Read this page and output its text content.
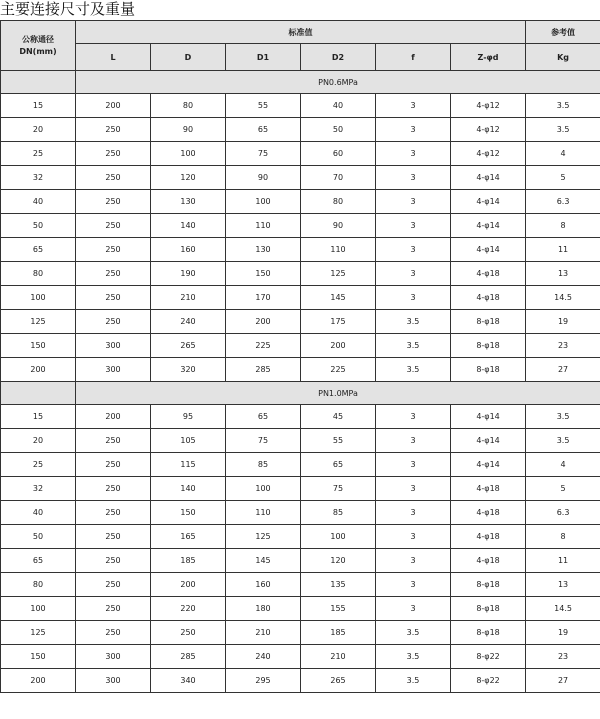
主要连接尺寸及重量
公称通径
DN(mm)	标准值						参考值
	L	D	D1	D2	f	Z-φd	Kg
	PN0.6MPa						
15	200	80	55	40	3	4-φ12	3.5
20	250	90	65	50	3	4-φ12	3.5
25	250	100	75	60	3	4-φ12	4
32	250	120	90	70	3	4-φ14	5
40	250	130	100	80	3	4-φ14	6.3
50	250	140	110	90	3	4-φ14	8
65	250	160	130	110	3	4-φ14	11
80	250	190	150	125	3	4-φ18	13
100	250	210	170	145	3	4-φ18	14.5
125	250	240	200	175	3.5	8-φ18	19
150	300	265	225	200	3.5	8-φ18	23
200	300	320	285	225	3.5	8-φ18	27
	PN1.0MPa						
15	200	95	65	45	3	4-φ14	3.5
20	250	105	75	55	3	4-φ14	3.5
25	250	115	85	65	3	4-φ14	4
32	250	140	100	75	3	4-φ18	5
40	250	150	110	85	3	4-φ18	6.3
50	250	165	125	100	3	4-φ18	8
65	250	185	145	120	3	4-φ18	11
80	250	200	160	135	3	8-φ18	13
100	250	220	180	155	3	8-φ18	14.5
125	250	250	210	185	3.5	8-φ18	19
150	300	285	240	210	3.5	8-φ22	23
200	300	340	295	265	3.5	8-φ22	27
